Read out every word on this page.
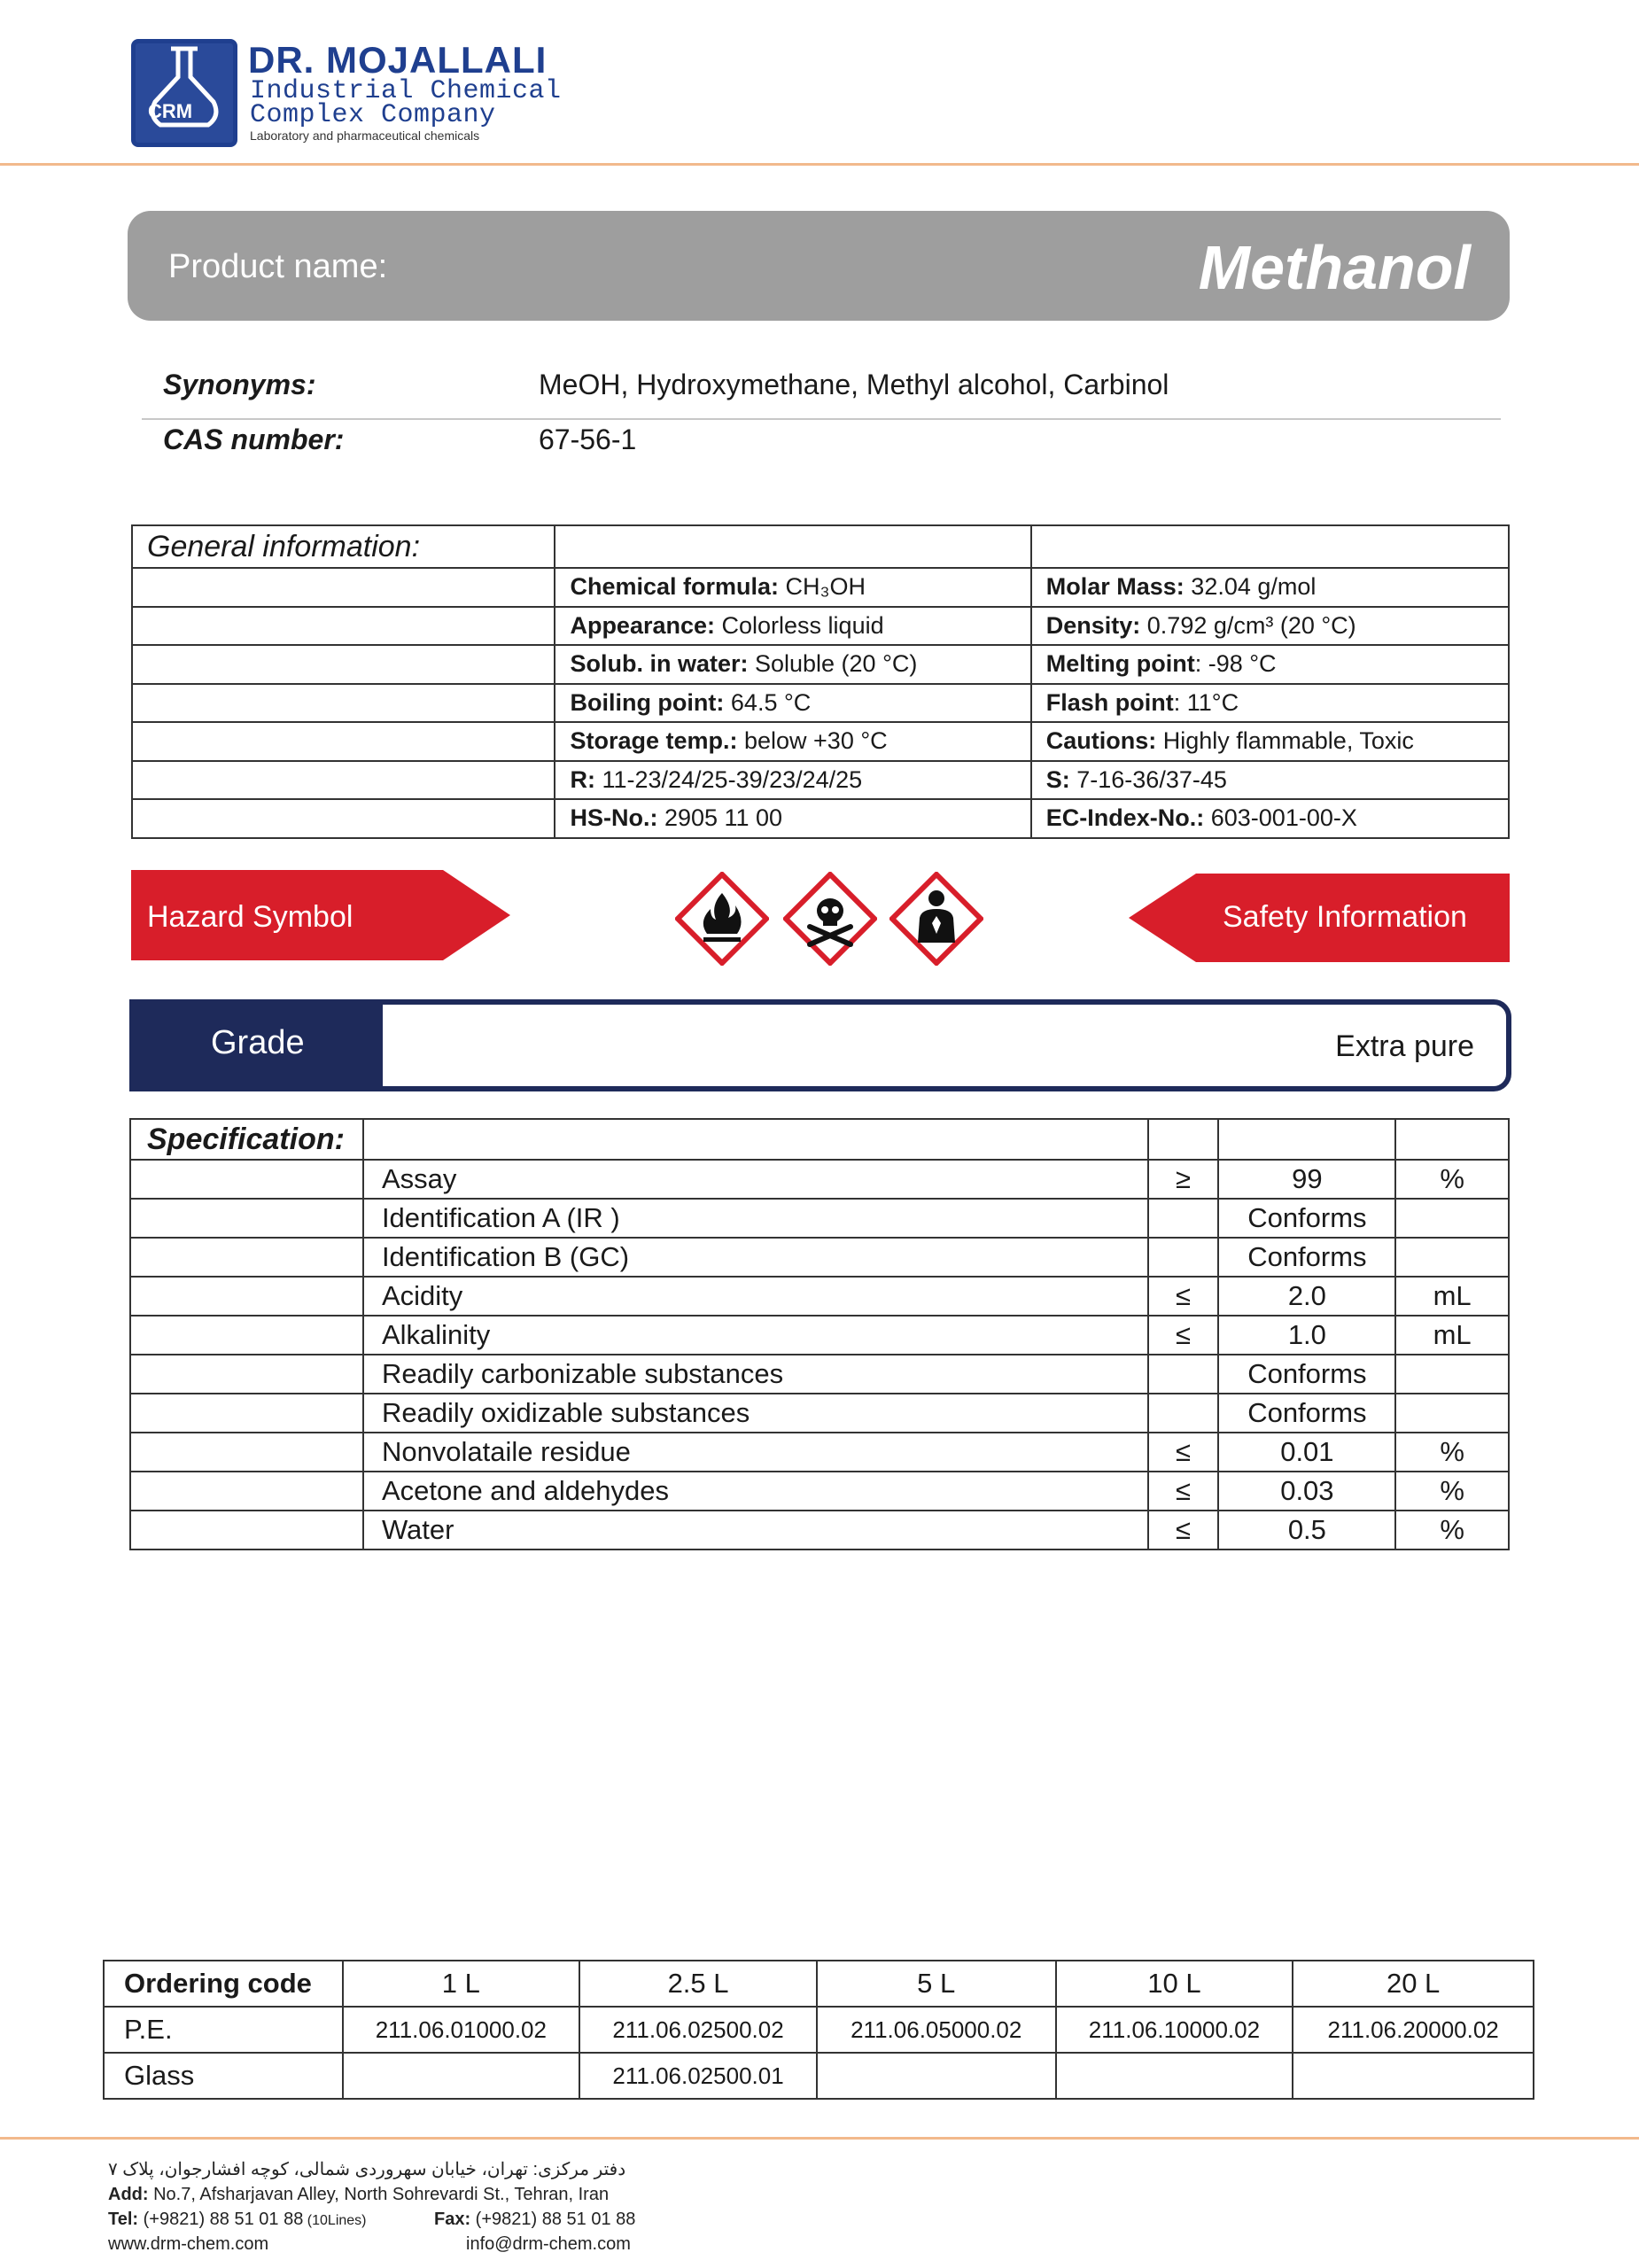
CRM
DR. MOJALLALI
Industrial Chemical
Complex Company
Laboratory and pharmaceutical chemicals
Product name:	Methanol
Synonyms:	MeOH, Hydroxymethane, Methyl alcohol, Carbinol
CAS number:	67-56-1
General information:		
	Chemical formula: CH₃OH	Molar Mass: 32.04 g/mol
	Appearance: Colorless liquid	Density: 0.792 g/cm³ (20 °C)
	Solub. in water: Soluble (20 °C)	Melting point: -98 °C
	Boiling point: 64.5 °C	Flash point: 11°C
	Storage temp.: below +30 °C	Cautions: Highly flammable, Toxic
	R: 11-23/24/25-39/23/24/25	S: 7-16-36/37-45
	HS-No.: 2905 11 00	EC-Index-No.: 603-001-00-X
Hazard Symbol	Safety Information
Grade	Extra pure
Specification:				
	Assay	≥	99	%
	Identification A (IR )		Conforms	
	Identification B (GC)		Conforms	
	Acidity	≤	2.0	mL
	Alkalinity	≤	1.0	mL
	Readily carbonizable substances		Conforms	
	Readily oxidizable substances		Conforms	
	Nonvolataile residue	≤	0.01	%
	Acetone and aldehydes	≤	0.03	%
	Water	≤	0.5	%
Ordering code	1 L	2.5 L	5 L	10 L	20 L
P.E.	211.06.01000.02	211.06.02500.02	211.06.05000.02	211.06.10000.02	211.06.20000.02
Glass		211.06.02500.01			
دفتر مرکزی: تهران، خیابان سهروردی شمالی، کوچه افشارجوان، پلاک ۷
Add: No.7, Afsharjavan Alley, North Sohrevardi St., Tehran, Iran
Tel: (+9821) 88 51 01 88 (10Lines)	Fax: (+9821) 88 51 01 88
www.drm-chem.com	info@drm-chem.com
